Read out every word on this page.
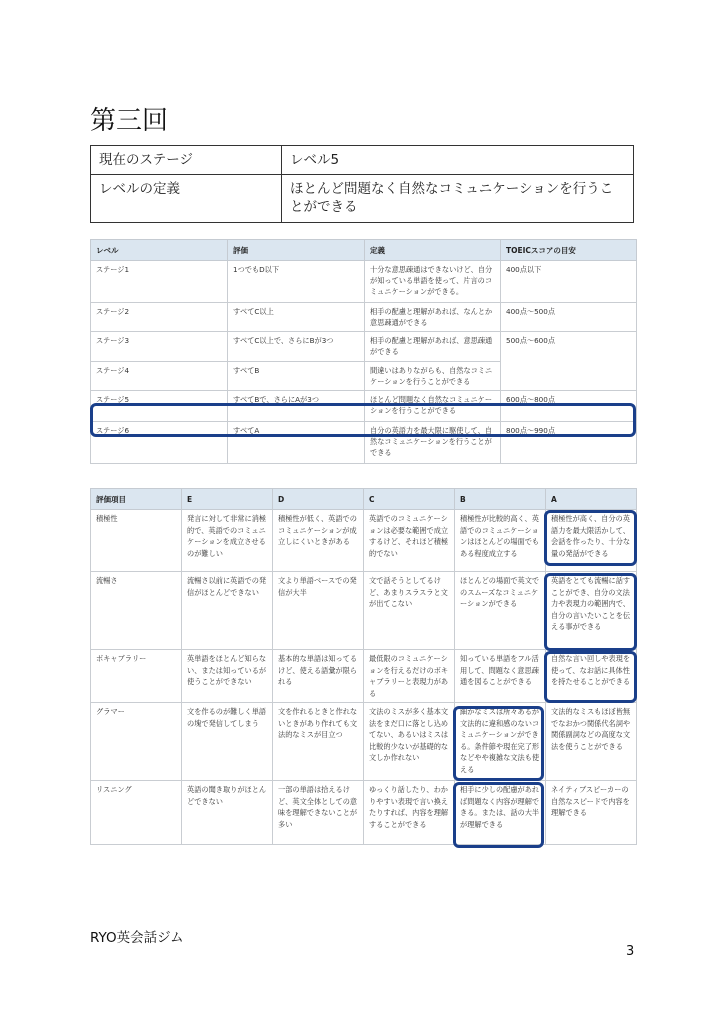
第三回
現在のステージ	レベル5
レベルの定義	ほとんど問題なく自然なコミュニケーションを行うことができる
レベル	評価	定義	TOEICスコアの目安
ステージ1	1つでもD以下	十分な意思疎通はできないけど、自分が知っている単語を使って、片言のコミュニケーションができる。	400点以下
ステージ2	すべてC以上	相手の配慮と理解があれば、なんとか意思疎通ができる	400点〜500点
ステージ3	すべてC以上で、さらにBが3つ	相手の配慮と理解があれば、意思疎通ができる	500点〜600点
ステージ4	すべてB	間違いはありながらも、自然なコミニケーションを行うことができる	
ステージ5	すべてBで、さらにAが3つ	ほとんど問題なく自然なコミュニケーションを行うことができる	600点〜800点
ステージ6	すべてA	自分の英語力を最大限に駆使して、自然なコミュニケーションを行うことができる	800点〜990点
評価項目	E	D	C	B	A
積極性	発言に対して非常に消極的で、英語でのコミュニケーションを成立させるのが難しい	積極性が低く、英語でのコミュニケーションが成立しにくいときがある	英語でのコミュニケーションは必要な範囲で成立するけど、それほど積極的でない	積極性が比較的高く、英語でのコミュニケーションはほとんどの場面でもある程度成立する	積極性が高く、自分の英語力を最大限活かして、会話を作ったり、十分な量の発話ができる
流暢さ	流暢さ以前に英語での発信がほとんどできない	文より単語ベースでの発信が大半	文で話そうとしてるけど、あまりスラスラと文が出てこない	ほとんどの場面で英文でのスムーズなコミュニケーションができる	英語をとても流暢に話すことができ、自分の文法力や表現力の範囲内で、自分の言いたいことを伝える事ができる
ボキャブラリー	英単語をほとんど知らない、または知っているが使うことができない	基本的な単語は知ってるけど、使える語彙が限られる	最低限のコミュニケーションを行えるだけのボキャブラリーと表現力がある	知っている単語をフル活用して、問題なく意思疎通を図ることができる	自然な言い回しや表現を使って、なお話に具体性を持たせることができる
グラマー	文を作るのが難しく単語の塊で発信してしまう	文を作れるときと作れないときがあり作れても文法的なミスが目立つ	文法のミスが多く基本文法をまだ口に落とし込めてない、あるいはミスは比較的少ないが基礎的な文しか作れない	細かなミスは所々あるが文法的に違和感のないコミュニケーションができる。条件節や現在完了形などやや複雑な文法も使える	文法的なミスもほぼ皆無でなおかつ関係代名詞や関係副詞などの高度な文法を使うことができる
リスニング	英語の聞き取りがほとんどできない	一部の単語は拾えるけど、英文全体としての意味を理解できないことが多い	ゆっくり話したり、わかりやすい表現で言い換えたりすれば、内容を理解することができる	相手に少しの配慮があれば問題なく内容が理解できる。または、話の大半が理解できる	ネイティブスピーカーの自然なスピードで内容を理解できる
RYO英会話ジム
3
